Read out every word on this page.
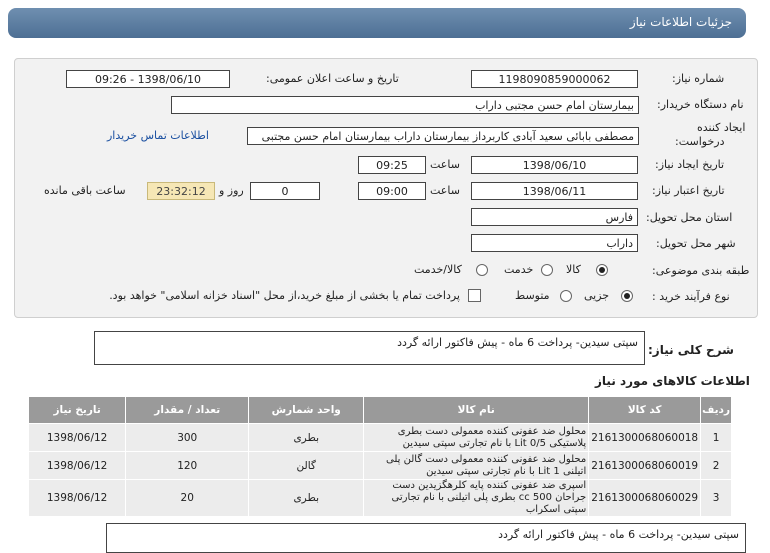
جزئیات اطلاعات نیاز
شماره نیاز:
1198090859000062
تاریخ و ساعت اعلان عمومی:
1398/06/10 - 09:26
نام دستگاه خریدار:
بیمارستان امام حسن مجتبی داراب
ایجاد کننده
درخواست:
مصطفی بابائی سعید آبادی کاربرداز بیمارستان داراب بیمارستان امام حسن مجتبی
اطلاعات تماس خریدار
تاریخ ایجاد نیاز:
1398/06/10
ساعت
09:25
تاریخ اعتبار نیاز:
1398/06/11
ساعت
09:00
0
روز و
23:32:12
ساعت باقی مانده
استان محل تحویل:
فارس
شهر محل تحویل:
داراب
طبقه بندی موضوعی:
کالا
خدمت
کالا/خدمت
نوع فرآیند خرید :
جزیی
متوسط
پرداخت تمام یا بخشی از مبلغ خرید،از محل "اسناد خزانه اسلامی" خواهد بود.
شرح کلی نیاز:
سپتی سیدین- پرداخت 6 ماه - پیش فاکتور ارائه گردد
اطلاعات کالاهای مورد نیاز
ردیف	کد کالا	نام کالا	واحد شمارش	تعداد / مقدار	تاریخ نیاز
1	2161300068060018	محلول ضد عفونی کننده معمولی دست بطری پلاستیکی 0/5 Lit با نام تجارتی سپتی سیدین	بطری	300	1398/06/12
2	2161300068060019	محلول ضد عفونی کننده معمولی دست گالن پلی اتیلنی 1 Lit با نام تجارتی سپتی سیدین	گالن	120	1398/06/12
3	2161300068060029	اسپری ضد عفونی کننده پایه کلرهگزیدین دست جراحان 500 cc بطری پلی اتیلنی با نام تجارتی سپتی اسکراب	بطری	20	1398/06/12
سپتی سیدین- پرداخت 6 ماه - پیش فاکتور ارائه گردد
